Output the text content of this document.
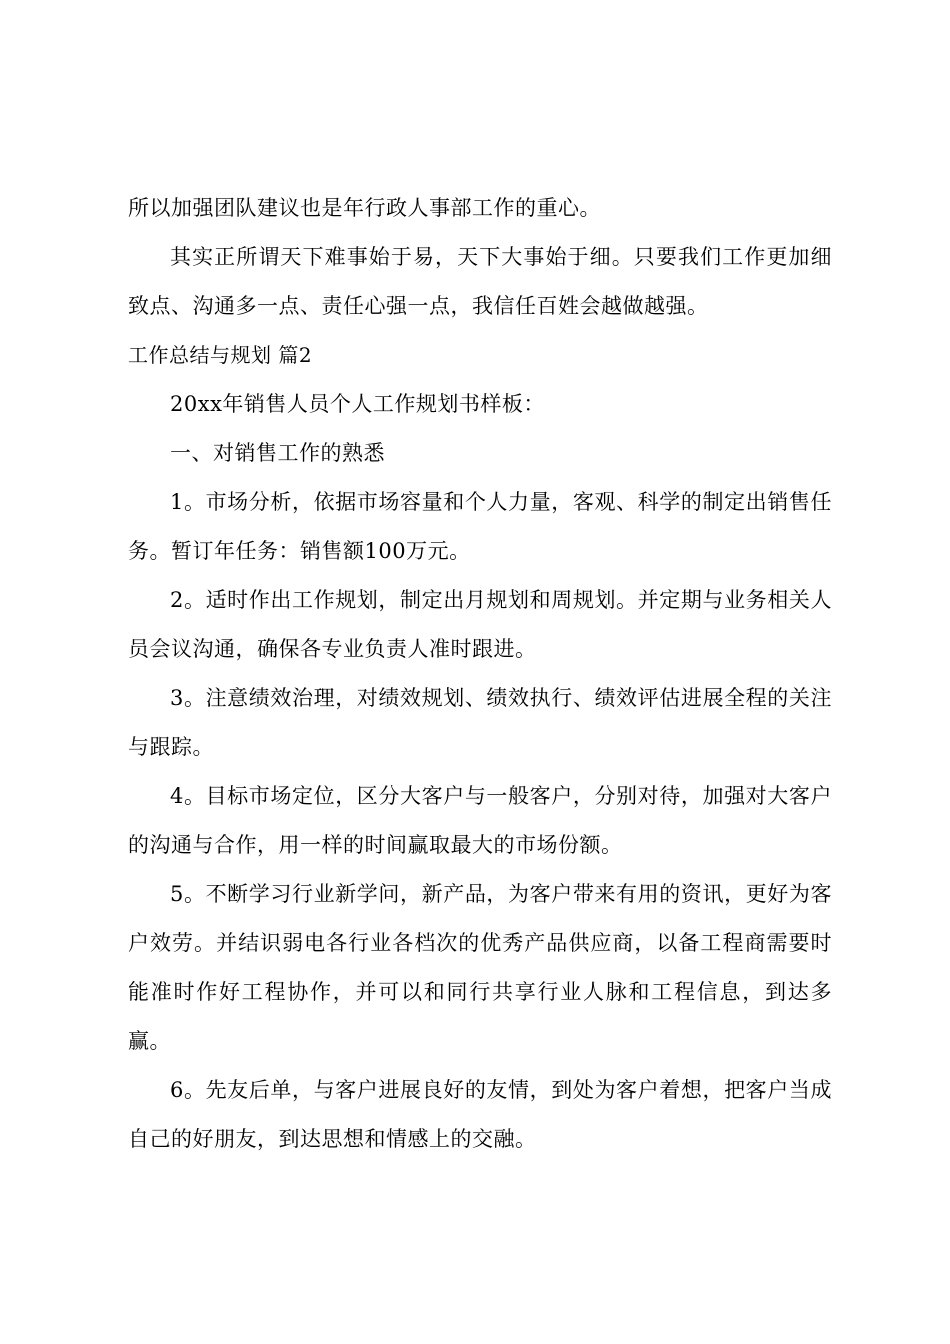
所以加强团队建议也是年行政人事部工作的重心。

其实正所谓天下难事始于易，天下大事始于细。只要我们工作更加细致点、沟通多一点、责任心强一点，我信任百姓会越做越强。

工作总结与规划 篇2

20xx年销售人员个人工作规划书样板：

一、对销售工作的熟悉

1。市场分析，依据市场容量和个人力量，客观、科学的制定出销售任务。暂订年任务：销售额100万元。

2。适时作出工作规划，制定出月规划和周规划。并定期与业务相关人员会议沟通，确保各专业负责人准时跟进。

3。注意绩效治理，对绩效规划、绩效执行、绩效评估进展全程的关注与跟踪。

4。目标市场定位，区分大客户与一般客户，分别对待，加强对大客户的沟通与合作，用一样的时间赢取最大的市场份额。

5。不断学习行业新学问，新产品，为客户带来有用的资讯，更好为客户效劳。并结识弱电各行业各档次的优秀产品供应商，以备工程商需要时能准时作好工程协作，并可以和同行共享行业人脉和工程信息，到达多赢。

6。先友后单，与客户进展良好的友情，到处为客户着想，把客户当成自己的好朋友，到达思想和情感上的交融。
